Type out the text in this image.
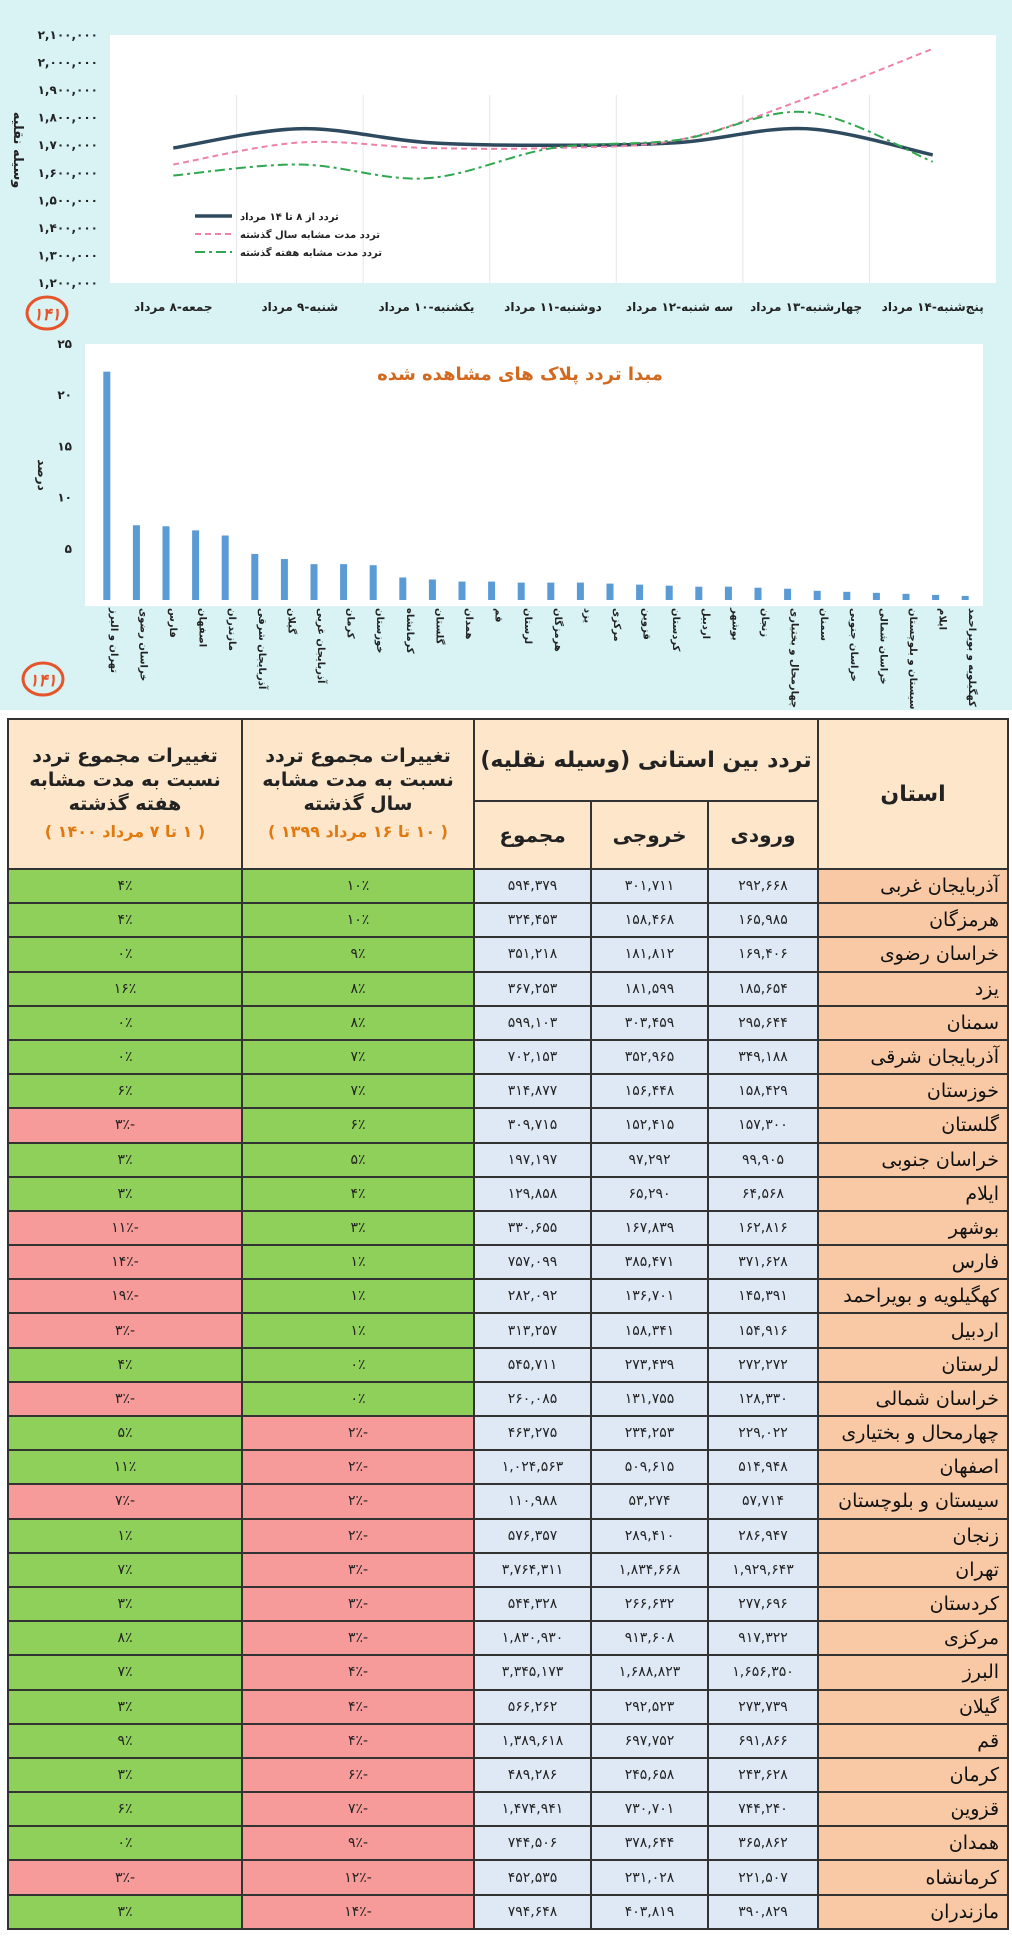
۲,۱۰۰,۰۰۰
۲,۰۰۰,۰۰۰
۱,۹۰۰,۰۰۰
۱,۸۰۰,۰۰۰
۱,۷۰۰,۰۰۰
۱,۶۰۰,۰۰۰
۱,۵۰۰,۰۰۰
۱,۴۰۰,۰۰۰
۱,۳۰۰,۰۰۰
۱,۲۰۰,۰۰۰
جمعه-۸ مرداد	شنبه-۹ مرداد	یکشنبه-۱۰ مرداد دوشنبه-۱۱ مرداد سه شنبه-۱۲ مرداد چهارشنبه-۱۳ مرداد پنج‌شنبه-۱۴ مرداد
وسیله نقلیه
تردد از ۸ تا ۱۴ مرداد
تردد مدت مشابه سال گذشته
تردد مدت مشابه هفته گذشته
۱۴۱
مبدا تردد پلاک های مشاهده شده
درصد
۲۵
۲۰
۱۵
۱۰
۵
تهران و البرز خراسان رضوی فارس اصفهان مازندران آذربایجان شرقی گیلان آذربایجان غربی کرمان خوزستان کرمانشاه گلستان همدان قم لرستان هرمزگان یزد مرکزی قزوین کردستان اردبیل بوشهر زنجان چهارمحال و بختیاری سمنان خراسان جنوبی خراسان شمالی سیستان و بلوچستان ایلام کهگیلویه و بویراحمد
۱۴۱
استان	تردد بین استانی (وسیله نقلیه)			تغییرات مجموع تردد نسبت به مدت مشابه سال گذشته
( ۱۰ تا ۱۶ مرداد ۱۳۹۹ )	تغییرات مجموع تردد نسبت به مدت مشابه هفته گذشته
( ۱ تا ۷ مرداد ۱۴۰۰ )

	ورودی	خروجی	مجموع		
آذربایجان غربی	۲۹۲,۶۶۸	۳۰۱,۷۱۱	۵۹۴,۳۷۹	۱۰٪	۴٪
هرمزگان	۱۶۵,۹۸۵	۱۵۸,۴۶۸	۳۲۴,۴۵۳	۱۰٪	۴٪
خراسان رضوی	۱۶۹,۴۰۶	۱۸۱,۸۱۲	۳۵۱,۲۱۸	۹٪	۰٪
یزد	۱۸۵,۶۵۴	۱۸۱,۵۹۹	۳۶۷,۲۵۳	۸٪	۱۶٪
سمنان	۲۹۵,۶۴۴	۳۰۳,۴۵۹	۵۹۹,۱۰۳	۸٪	۰٪
آذربایجان شرقی	۳۴۹,۱۸۸	۳۵۲,۹۶۵	۷۰۲,۱۵۳	۷٪	۰٪
خوزستان	۱۵۸,۴۲۹	۱۵۶,۴۴۸	۳۱۴,۸۷۷	۷٪	۶٪
گلستان	۱۵۷,۳۰۰	۱۵۲,۴۱۵	۳۰۹,۷۱۵	۶٪	-۳٪
خراسان جنوبی	۹۹,۹۰۵	۹۷,۲۹۲	۱۹۷,۱۹۷	۵٪	۳٪
ایلام	۶۴,۵۶۸	۶۵,۲۹۰	۱۲۹,۸۵۸	۴٪	۳٪
بوشهر	۱۶۲,۸۱۶	۱۶۷,۸۳۹	۳۳۰,۶۵۵	۳٪	-۱۱٪
فارس	۳۷۱,۶۲۸	۳۸۵,۴۷۱	۷۵۷,۰۹۹	۱٪	-۱۴٪
کهگیلویه و بویراحمد	۱۴۵,۳۹۱	۱۳۶,۷۰۱	۲۸۲,۰۹۲	۱٪	-۱۹٪
اردبیل	۱۵۴,۹۱۶	۱۵۸,۳۴۱	۳۱۳,۲۵۷	۱٪	-۳٪
لرستان	۲۷۲,۲۷۲	۲۷۳,۴۳۹	۵۴۵,۷۱۱	۰٪	۴٪
خراسان شمالی	۱۲۸,۳۳۰	۱۳۱,۷۵۵	۲۶۰,۰۸۵	۰٪	-۳٪
چهارمحال و بختیاری	۲۲۹,۰۲۲	۲۳۴,۲۵۳	۴۶۳,۲۷۵	-۲٪	۵٪
اصفهان	۵۱۴,۹۴۸	۵۰۹,۶۱۵	۱,۰۲۴,۵۶۳	-۲٪	۱۱٪
سیستان و بلوچستان	۵۷,۷۱۴	۵۳,۲۷۴	۱۱۰,۹۸۸	-۲٪	-۷٪
زنجان	۲۸۶,۹۴۷	۲۸۹,۴۱۰	۵۷۶,۳۵۷	-۲٪	۱٪
تهران	۱,۹۲۹,۶۴۳	۱,۸۳۴,۶۶۸	۳,۷۶۴,۳۱۱	-۳٪	۷٪
کردستان	۲۷۷,۶۹۶	۲۶۶,۶۳۲	۵۴۴,۳۲۸	-۳٪	۳٪
مرکزی	۹۱۷,۳۲۲	۹۱۳,۶۰۸	۱,۸۳۰,۹۳۰	-۳٪	۸٪
البرز	۱,۶۵۶,۳۵۰	۱,۶۸۸,۸۲۳	۳,۳۴۵,۱۷۳	-۴٪	۷٪
گیلان	۲۷۳,۷۳۹	۲۹۲,۵۲۳	۵۶۶,۲۶۲	-۴٪	۳٪
قم	۶۹۱,۸۶۶	۶۹۷,۷۵۲	۱,۳۸۹,۶۱۸	-۴٪	۹٪
کرمان	۲۴۳,۶۲۸	۲۴۵,۶۵۸	۴۸۹,۲۸۶	-۶٪	۳٪
قزوین	۷۴۴,۲۴۰	۷۳۰,۷۰۱	۱,۴۷۴,۹۴۱	-۷٪	۶٪
همدان	۳۶۵,۸۶۲	۳۷۸,۶۴۴	۷۴۴,۵۰۶	-۹٪	۰٪
کرمانشاه	۲۲۱,۵۰۷	۲۳۱,۰۲۸	۴۵۲,۵۳۵	-۱۲٪	-۳٪
مازندران	۳۹۰,۸۲۹	۴۰۳,۸۱۹	۷۹۴,۶۴۸	-۱۴٪	۳٪
